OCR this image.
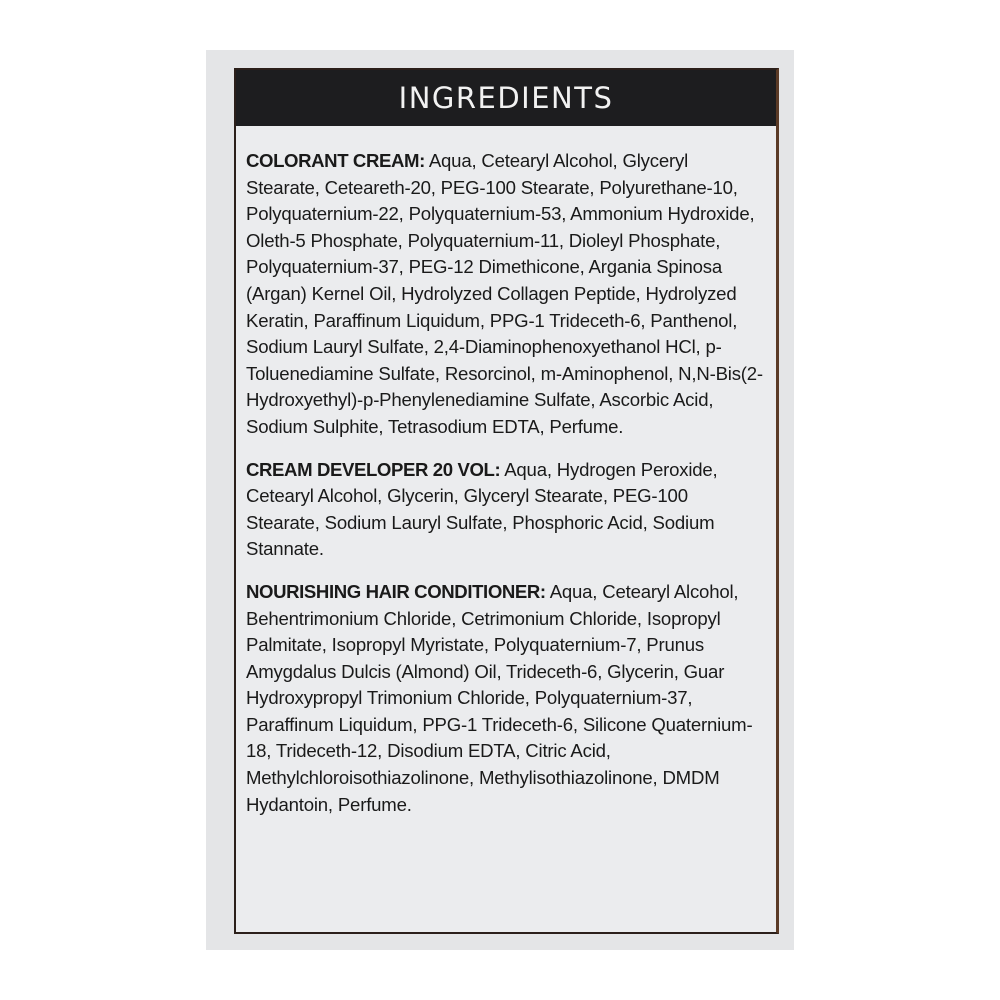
INGREDIENTS

COLORANT CREAM: Aqua, Cetearyl Alcohol, Glyceryl Stearate, Ceteareth-20, PEG-100 Stearate, Polyurethane-10, Polyquaternium-22, Polyquaternium-53, Ammonium Hydroxide, Oleth-5 Phosphate, Polyquaternium-11, Dioleyl Phosphate, Polyquaternium-37, PEG-12 Dimethicone, Argania Spinosa (Argan) Kernel Oil, Hydrolyzed Collagen Peptide, Hydrolyzed Keratin, Paraffinum Liquidum, PPG-1 Trideceth-6, Panthenol, Sodium Lauryl Sulfate, 2,4-Diaminophenoxyethanol HCl, p-Toluenediamine Sulfate, Resorcinol, m-Aminophenol, N,N-Bis(2-Hydroxyethyl)-p-Phenylenediamine Sulfate, Ascorbic Acid, Sodium Sulphite, Tetrasodium EDTA, Perfume.

CREAM DEVELOPER 20 VOL: Aqua, Hydrogen Peroxide, Cetearyl Alcohol, Glycerin, Glyceryl Stearate, PEG-100 Stearate, Sodium Lauryl Sulfate, Phosphoric Acid, Sodium Stannate.

NOURISHING HAIR CONDITIONER: Aqua, Cetearyl Alcohol, Behentrimonium Chloride, Cetrimonium Chloride, Isopropyl Palmitate, Isopropyl Myristate, Polyquaternium-7, Prunus Amygdalus Dulcis (Almond) Oil, Trideceth-6, Glycerin, Guar Hydroxypropyl Trimonium Chloride, Polyquaternium-37, Paraffinum Liquidum, PPG-1 Trideceth-6, Silicone Quaternium-18, Trideceth-12, Disodium EDTA, Citric Acid, Methylchloroisothiazolinone, Methylisothiazolinone, DMDM Hydantoin, Perfume.
